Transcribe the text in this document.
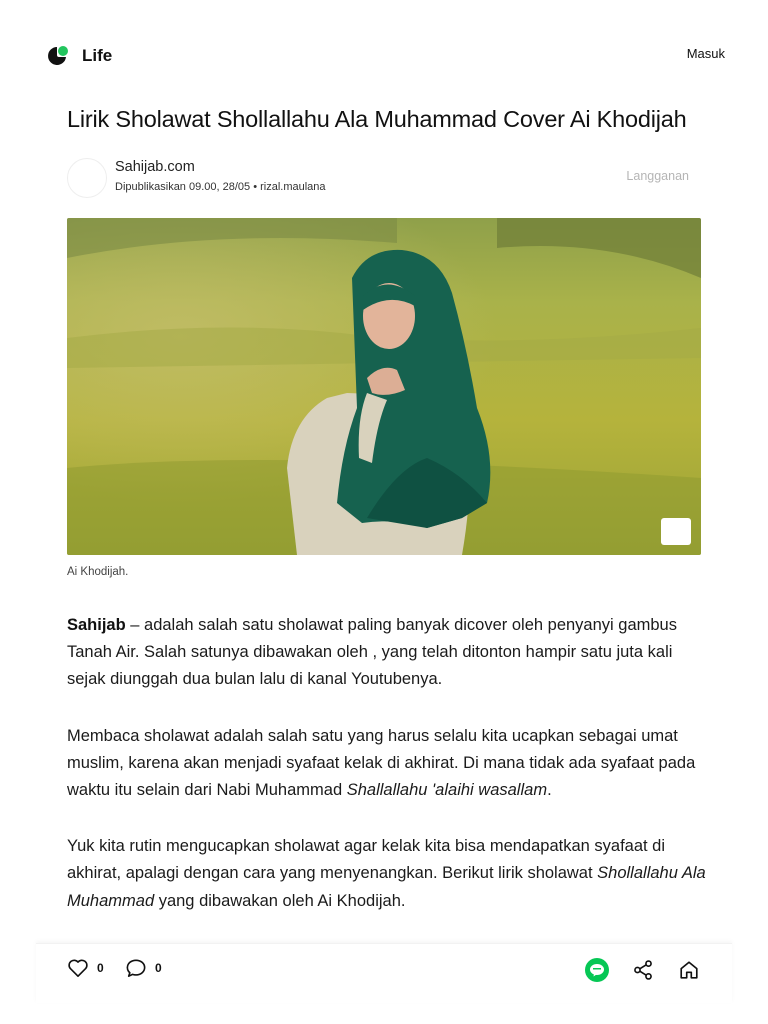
Life	Masuk
Lirik Sholawat Shollallahu Ala Muhammad Cover Ai Khodijah
Sahijab.com
Dipublikasikan 09.00, 28/05 • rizal.maulana
Langganan
Ai Khodijah.

Sahijab – adalah salah satu sholawat paling banyak dicover oleh penyanyi gambus Tanah Air. Salah satunya dibawakan oleh , yang telah ditonton hampir satu juta kali sejak diunggah dua bulan lalu di kanal Youtubenya.

Membaca sholawat adalah salah satu yang harus selalu kita ucapkan sebagai umat muslim, karena akan menjadi syafaat kelak di akhirat. Di mana tidak ada syafaat pada waktu itu selain dari Nabi Muhammad Shallallahu 'alaihi wasallam.

Yuk kita rutin mengucapkan sholawat agar kelak kita bisa mendapatkan syafaat di akhirat, apalagi dengan cara yang menyenangkan. Berikut lirik sholawat Shollallahu Ala Muhammad yang dibawakan oleh Ai Khodijah.

0	0
